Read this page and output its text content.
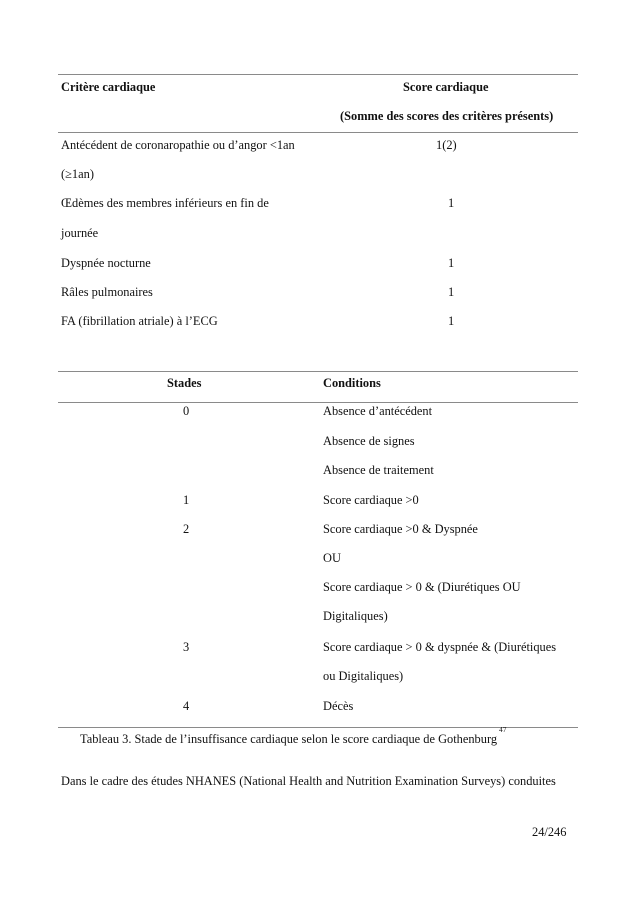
Critère cardiaque	Score cardiaque
(Somme des scores des critères présents)
Antécédent de coronaropathie ou d’angor <1an	1(2)
(≥1an)
Œdèmes des membres inférieurs en fin de	1
journée
Dyspnée nocturne	1
Râles pulmonaires	1
FA (fibrillation atriale) à l’ECG	1
Stades	Conditions
0	Absence d’antécédent
Absence de signes
Absence de traitement
1	Score cardiaque >0
2	Score cardiaque >0 & Dyspnée
OU
Score cardiaque > 0 & (Diurétiques OU
Digitaliques)
3	Score cardiaque > 0 & dyspnée & (Diurétiques
ou Digitaliques)
4	Décès
Tableau 3. Stade de l’insuffisance cardiaque selon le score cardiaque de Gothenburg$^{47}$
Dans le cadre des études NHANES (National Health and Nutrition Examination Surveys) conduites
24/246
